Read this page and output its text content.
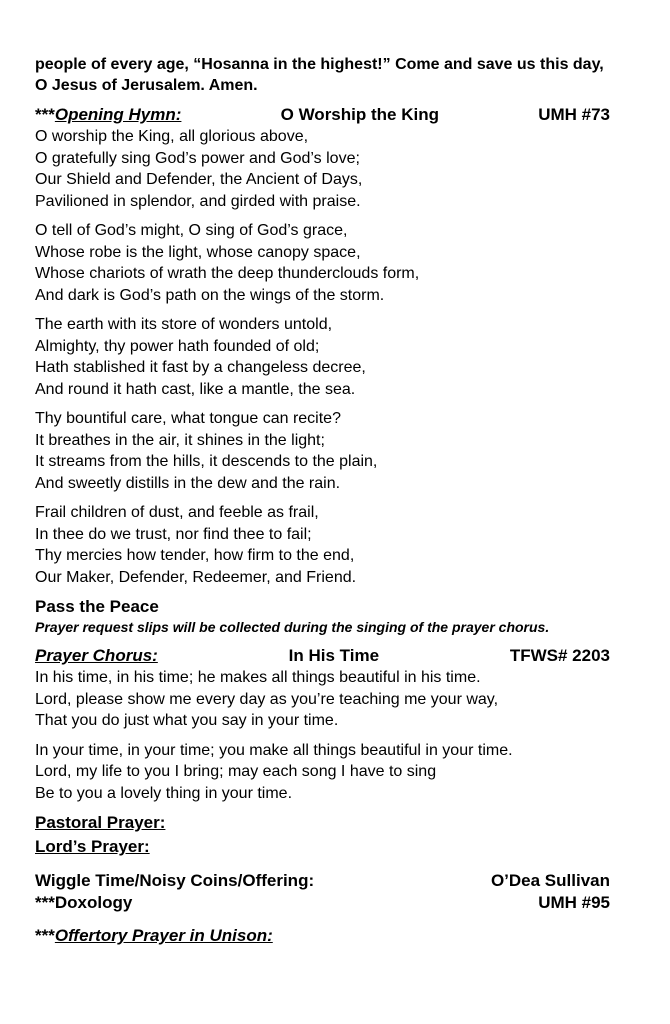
people of every age, “Hosanna in the highest!” Come and save us this day, O Jesus of Jerusalem. Amen.
***Opening Hymn:	O Worship the King	UMH #73
O worship the King, all glorious above,
O gratefully sing God’s power and God’s love;
Our Shield and Defender, the Ancient of Days,
Pavilioned in splendor, and girded with praise.
O tell of God’s might, O sing of God’s grace,
Whose robe is the light, whose canopy space,
Whose chariots of wrath the deep thunderclouds form,
And dark is God’s path on the wings of the storm.
The earth with its store of wonders untold,
Almighty, thy power hath founded of old;
Hath stablished it fast by a changeless decree,
And round it hath cast, like a mantle, the sea.
Thy bountiful care, what tongue can recite?
It breathes in the air, it shines in the light;
It streams from the hills, it descends to the plain,
And sweetly distills in the dew and the rain.
Frail children of dust, and feeble as frail,
In thee do we trust, nor find thee to fail;
Thy mercies how tender, how firm to the end,
Our Maker, Defender, Redeemer, and Friend.
Pass the Peace
Prayer request slips will be collected during the singing of the prayer chorus.
Prayer Chorus:	In His Time	TFWS# 2203
In his time, in his time; he makes all things beautiful in his time.
Lord, please show me every day as you’re teaching me your way,
That you do just what you say in your time.
In your time, in your time; you make all things beautiful in your time.
Lord, my life to you I bring; may each song I have to sing
Be to you a lovely thing in your time.
Pastoral Prayer:
Lord’s Prayer:
Wiggle Time/Noisy Coins/Offering:	O’Dea Sullivan
***Doxology	UMH #95
***Offertory Prayer in Unison:
